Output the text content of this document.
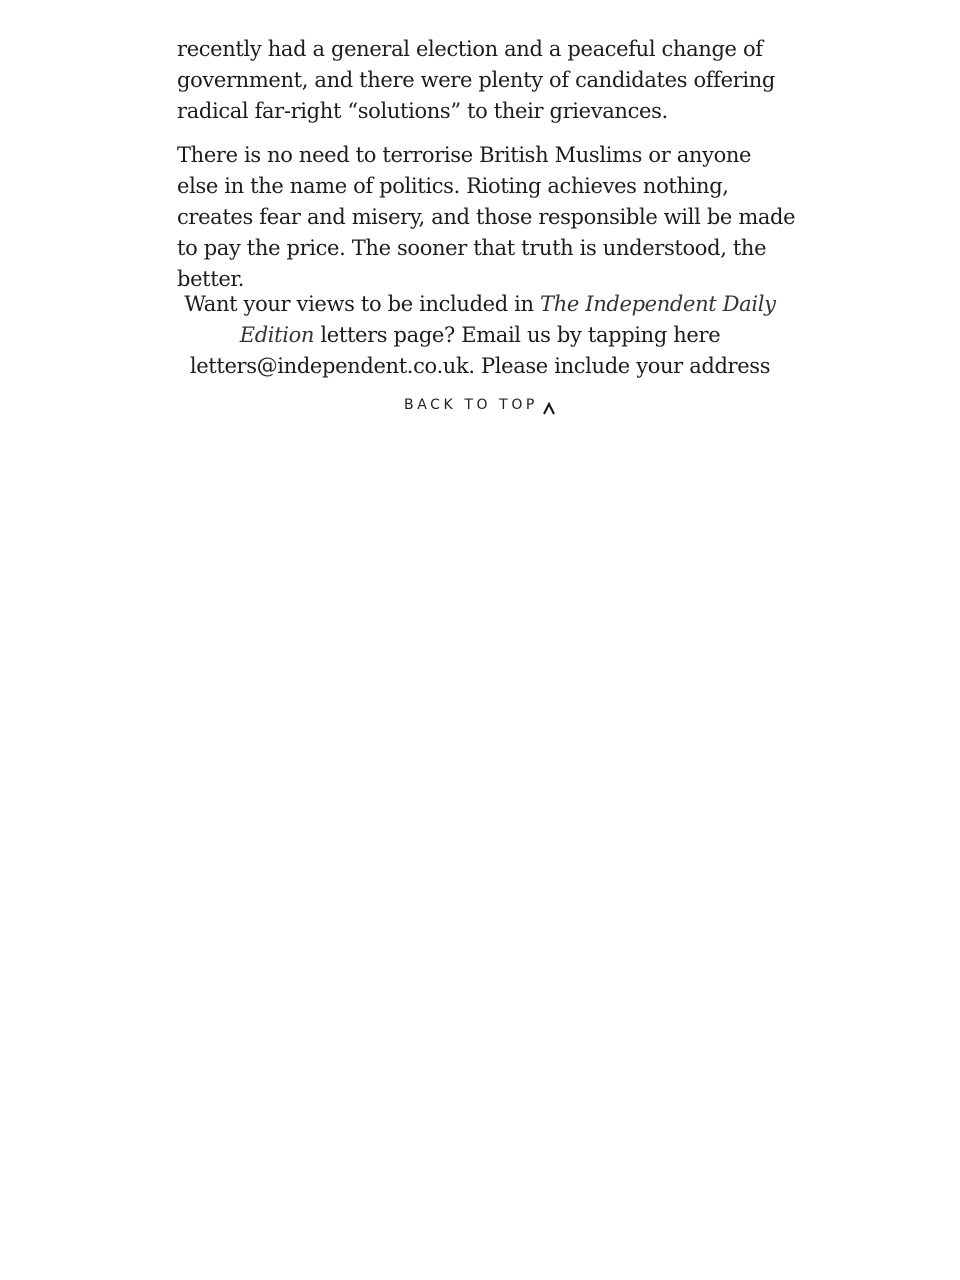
recently had a general election and a peaceful change of government, and there were plenty of candidates offering radical far-right “solutions” to their grievances.

There is no need to terrorise British Muslims or anyone else in the name of politics. Rioting achieves nothing, creates fear and misery, and those responsible will be made to pay the price. The sooner that truth is understood, the better.

Want your views to be included in The Independent Daily Edition letters page? Email us by tapping here letters@independent.co.uk. Please include your address
BACK TO TOP
